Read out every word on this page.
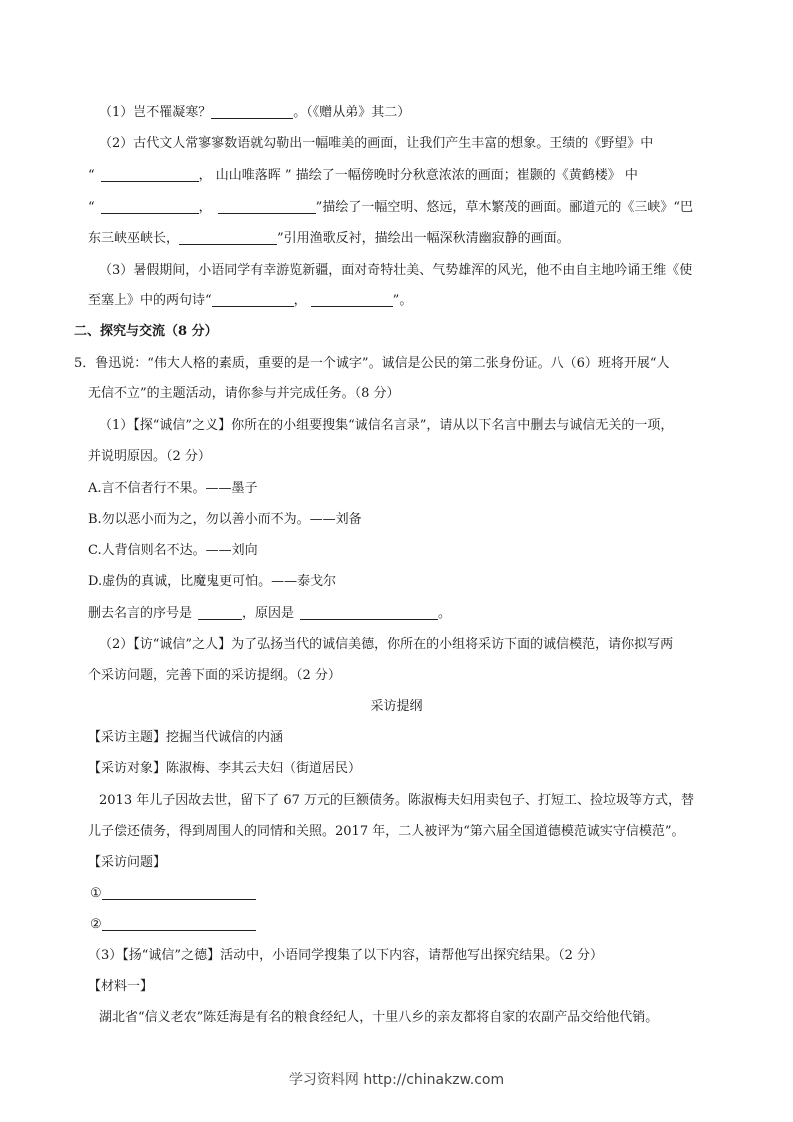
（1）岂不罹凝寒？	。（《赠从弟》其二）
（2）古代文人常寥寥数语就勾勒出一幅唯美的画面，让我们产生丰富的想象。王绩的《野望》中
“	， 山山唯落晖 ” 描绘了一幅傍晚时分秋意浓浓的画面；崔颢的《黄鹤楼》 中
“	，	”描绘了一幅空明、悠远，草木繁茂的画面。郦道元的《三峡》“巴
东三峡巫峡长，	”引用渔歌反衬，描绘出一幅深秋清幽寂静的画面。
（3）暑假期间，小语同学有幸游览新疆，面对奇特壮美、气势雄浑的风光，他不由自主地吟诵王维《使
至塞上》中的两句诗“	，	”。
二、探究与交流（8 分）
5．鲁迅说：“伟大人格的素质，重要的是一个诚字”。诚信是公民的第二张身份证。八（6）班将开展“人
无信不立”的主题活动，请你参与并完成任务。（8 分）
（1）【探“诚信”之义】你所在的小组要搜集“诚信名言录”，请从以下名言中删去与诚信无关的一项，
并说明原因。（2 分）
A.言不信者行不果。——墨子
B.勿以恶小而为之，勿以善小而不为。——刘备
C.人背信则名不达。——刘向
D.虚伪的真诚，比魔鬼更可怕。——泰戈尔
删去名言的序号是	，原因是	。
（2）【访“诚信”之人】为了弘扬当代的诚信美德，你所在的小组将采访下面的诚信模范，请你拟写两
个采访问题，完善下面的采访提纲。（2 分）
采访提纲
【采访主题】挖掘当代诚信的内涵
【采访对象】陈淑梅、李其云夫妇（街道居民）
2013 年儿子因故去世，留下了 67 万元的巨额债务。陈淑梅夫妇用卖包子、打短工、捡垃圾等方式，替
儿子偿还债务，得到周围人的同情和关照。2017 年，二人被评为“第六届全国道德模范诚实守信模范”。
【采访问题】
①
②
（3）【扬“诚信”之德】活动中，小语同学搜集了以下内容，请帮他写出探究结果。（2 分）
【材料一】
湖北省“信义老农”陈廷海是有名的粮食经纪人，十里八乡的亲友都将自家的农副产品交给他代销。
学习资料网 http://chinakzw.com
